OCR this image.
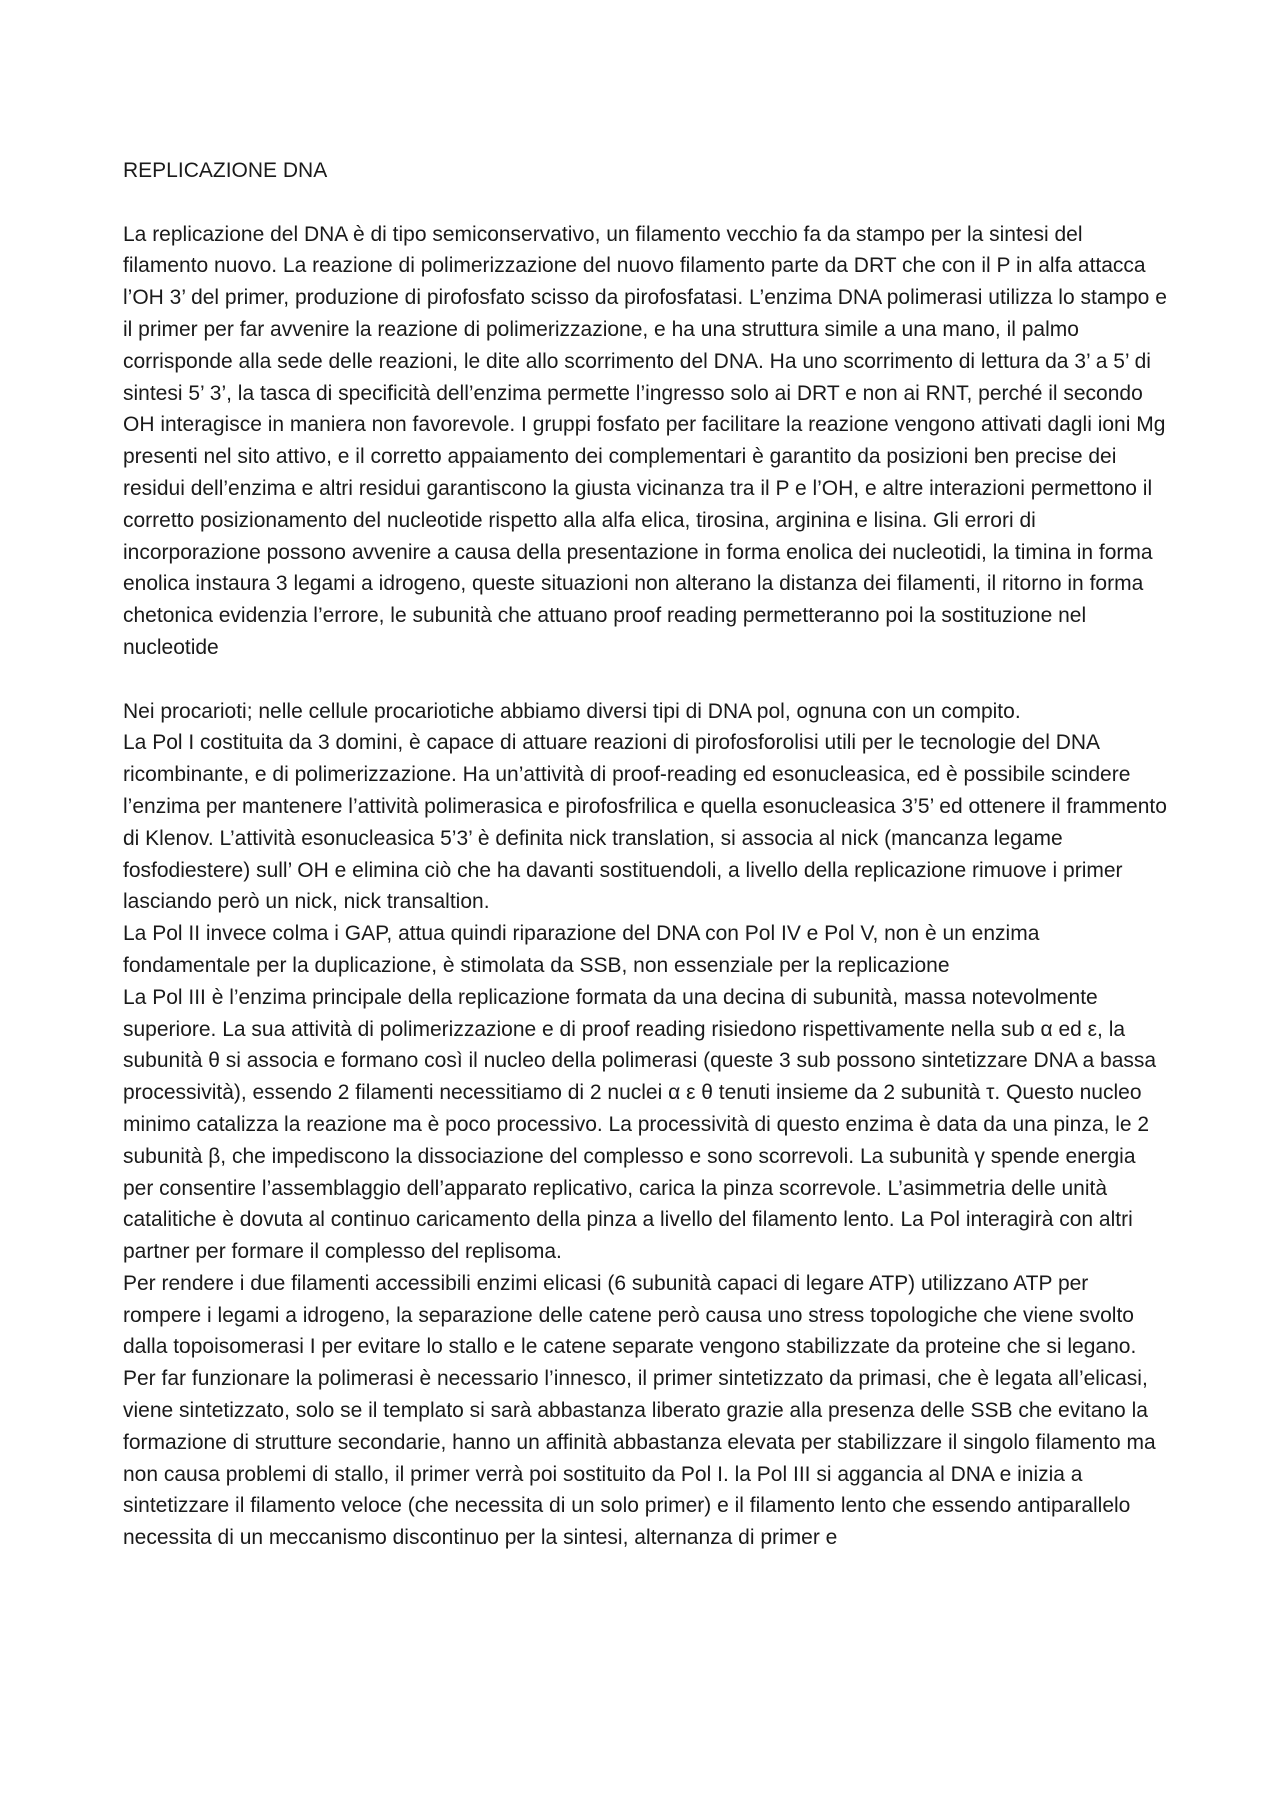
REPLICAZIONE DNA

La replicazione del DNA è di tipo semiconservativo, un filamento vecchio fa da stampo per la sintesi del filamento nuovo. La reazione di polimerizzazione del nuovo filamento parte da DRT che con il P in alfa attacca l’OH 3’ del primer, produzione di pirofosfato scisso da pirofosfatasi. L’enzima DNA polimerasi utilizza lo stampo e il primer per far avvenire la reazione di polimerizzazione, e ha una struttura simile a una mano, il palmo corrisponde alla sede delle reazioni, le dite allo scorrimento del DNA. Ha uno scorrimento di lettura da 3’ a 5’ di sintesi 5’ 3’, la tasca di specificità dell’enzima permette l’ingresso solo ai DRT e non ai RNT, perché il secondo OH interagisce in maniera non favorevole. I gruppi fosfato per facilitare la reazione vengono attivati dagli ioni Mg presenti nel sito attivo, e il corretto appaiamento dei complementari è garantito da posizioni ben precise dei residui dell’enzima e altri residui garantiscono la giusta vicinanza tra il P e l’OH, e altre interazioni permettono il corretto posizionamento del nucleotide rispetto alla alfa elica, tirosina, arginina e lisina. Gli errori di incorporazione possono avvenire a causa della presentazione in forma enolica dei nucleotidi, la timina in forma enolica instaura 3 legami a idrogeno, queste situazioni non alterano la distanza dei filamenti, il ritorno in forma chetonica evidenzia l’errore, le subunità che attuano proof reading permetteranno poi la sostituzione nel nucleotide

Nei procarioti; nelle cellule procariotiche abbiamo diversi tipi di DNA pol, ognuna con un compito.

La Pol I costituita da 3 domini, è capace di attuare reazioni di pirofosforolisi utili per le tecnologie del DNA ricombinante, e di polimerizzazione. Ha un’attività di proof-reading ed esonucleasica, ed è possibile scindere l’enzima per mantenere l’attività polimerasica e pirofosfrilica e quella esonucleasica 3’5’ ed ottenere il frammento di Klenov. L’attività esonucleasica 5’3’ è definita nick translation, si associa al nick (mancanza legame fosfodiestere) sull’ OH e elimina ciò che ha davanti sostituendoli, a livello della replicazione rimuove i primer lasciando però un nick, nick transaltion.

La Pol II invece colma i GAP, attua quindi riparazione del DNA con Pol IV e Pol V, non è un enzima fondamentale per la duplicazione, è stimolata da SSB, non essenziale per la replicazione

La Pol III è l’enzima principale della replicazione formata da una decina di subunità, massa notevolmente superiore. La sua attività di polimerizzazione e di proof reading risiedono rispettivamente nella sub α ed ε, la subunità θ si associa e formano così il nucleo della polimerasi (queste 3 sub possono sintetizzare DNA a bassa processività), essendo 2 filamenti necessitiamo di 2 nuclei α ε θ tenuti insieme da 2 subunità τ. Questo nucleo minimo catalizza la reazione ma è poco processivo. La processività di questo enzima è data da una pinza, le 2 subunità β, che impediscono la dissociazione del complesso e sono scorrevoli. La subunità γ spende energia per consentire l’assemblaggio dell’apparato replicativo, carica la pinza scorrevole. L’asimmetria delle unità catalitiche è dovuta al continuo caricamento della pinza a livello del filamento lento. La Pol interagirà con altri partner per formare il complesso del replisoma.

Per rendere i due filamenti accessibili enzimi elicasi (6 subunità capaci di legare ATP) utilizzano ATP per rompere i legami a idrogeno, la separazione delle catene però causa uno stress topologiche che viene svolto dalla topoisomerasi I per evitare lo stallo e le catene separate vengono stabilizzate da proteine che si legano. Per far funzionare la polimerasi è necessario l’innesco, il primer sintetizzato da primasi, che è legata all’elicasi, viene sintetizzato, solo se il templato si sarà abbastanza liberato grazie alla presenza delle SSB che evitano la formazione di strutture secondarie, hanno un affinità abbastanza elevata per stabilizzare il singolo filamento ma non causa problemi di stallo, il primer verrà poi sostituito da Pol I. la Pol III si aggancia al DNA e inizia a sintetizzare il filamento veloce (che necessita di un solo primer) e il filamento lento che essendo antiparallelo necessita di un meccanismo discontinuo per la sintesi, alternanza di primer e
